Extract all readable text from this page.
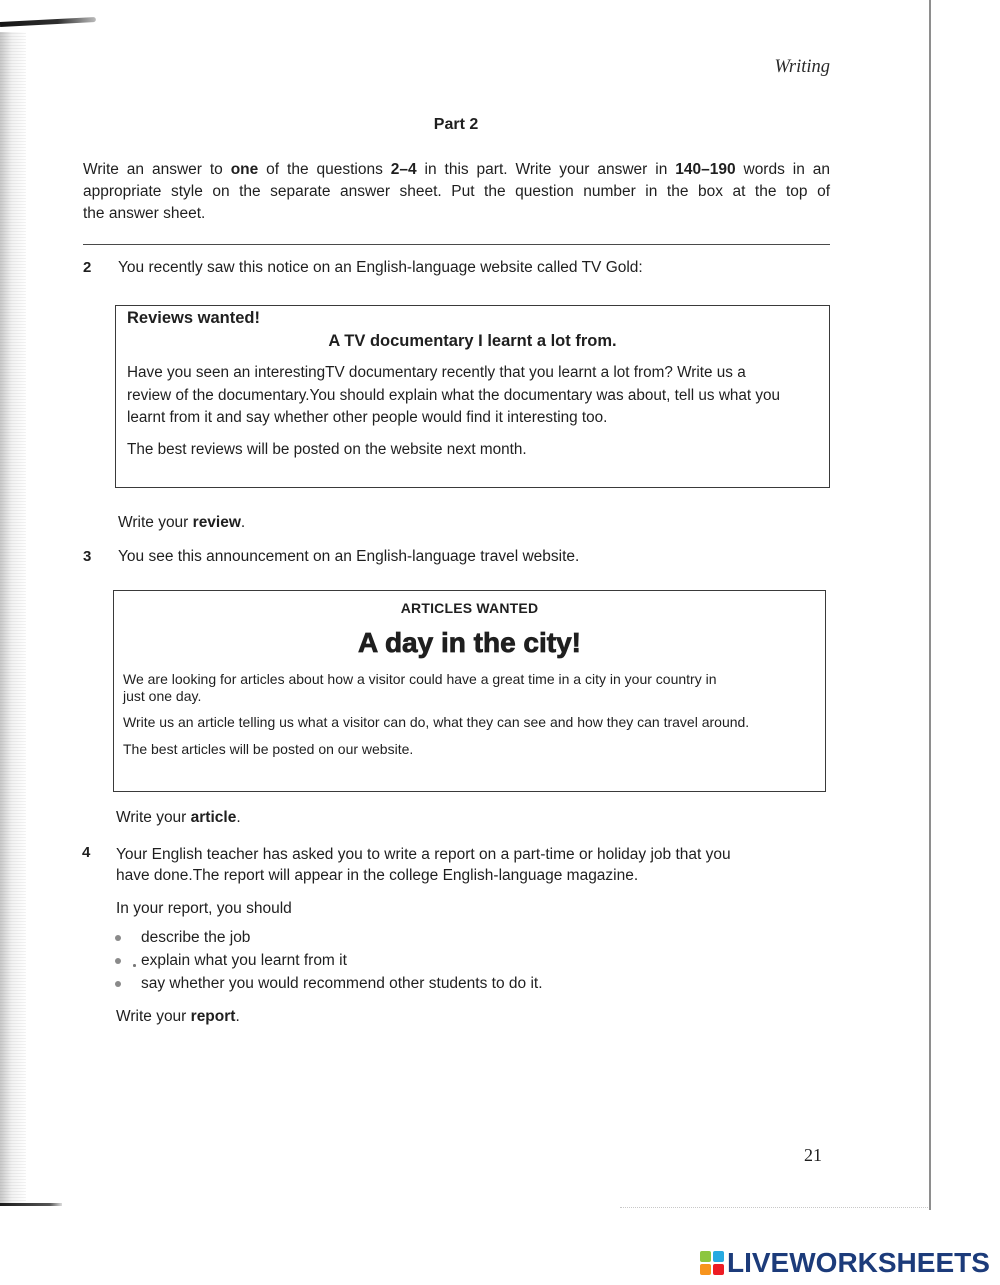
Writing
Part 2
Write an answer to one of the questions 2–4 in this part. Write your answer in 140–190 words in an
appropriate style on the separate answer sheet. Put the question number in the box at the top of
the answer sheet.
2 You recently saw this notice on an English-language website called TV Gold:
Reviews wanted!
A TV documentary I learnt a lot from.
Have you seen an interestingTV documentary recently that you learnt a lot from? Write us a
review of the documentary.You should explain what the documentary was about, tell us what you
learnt from it and say whether other people would find it interesting too.
The best reviews will be posted on the website next month.
Write your review.
3 You see this announcement on an English-language travel website.
ARTICLES WANTED
A day in the city!
We are looking for articles about how a visitor could have a great time in a city in your country in
just one day.
Write us an article telling us what a visitor can do, what they can see and how they can travel around.
The best articles will be posted on our website.
Write your article.
4 Your English teacher has asked you to write a report on a part-time or holiday job that you
have done.The report will appear in the college English-language magazine.
In your report, you should
describe the job
explain what you learnt from it
say whether you would recommend other students to do it.
Write your report.
21
LIVEWORKSHEETS
